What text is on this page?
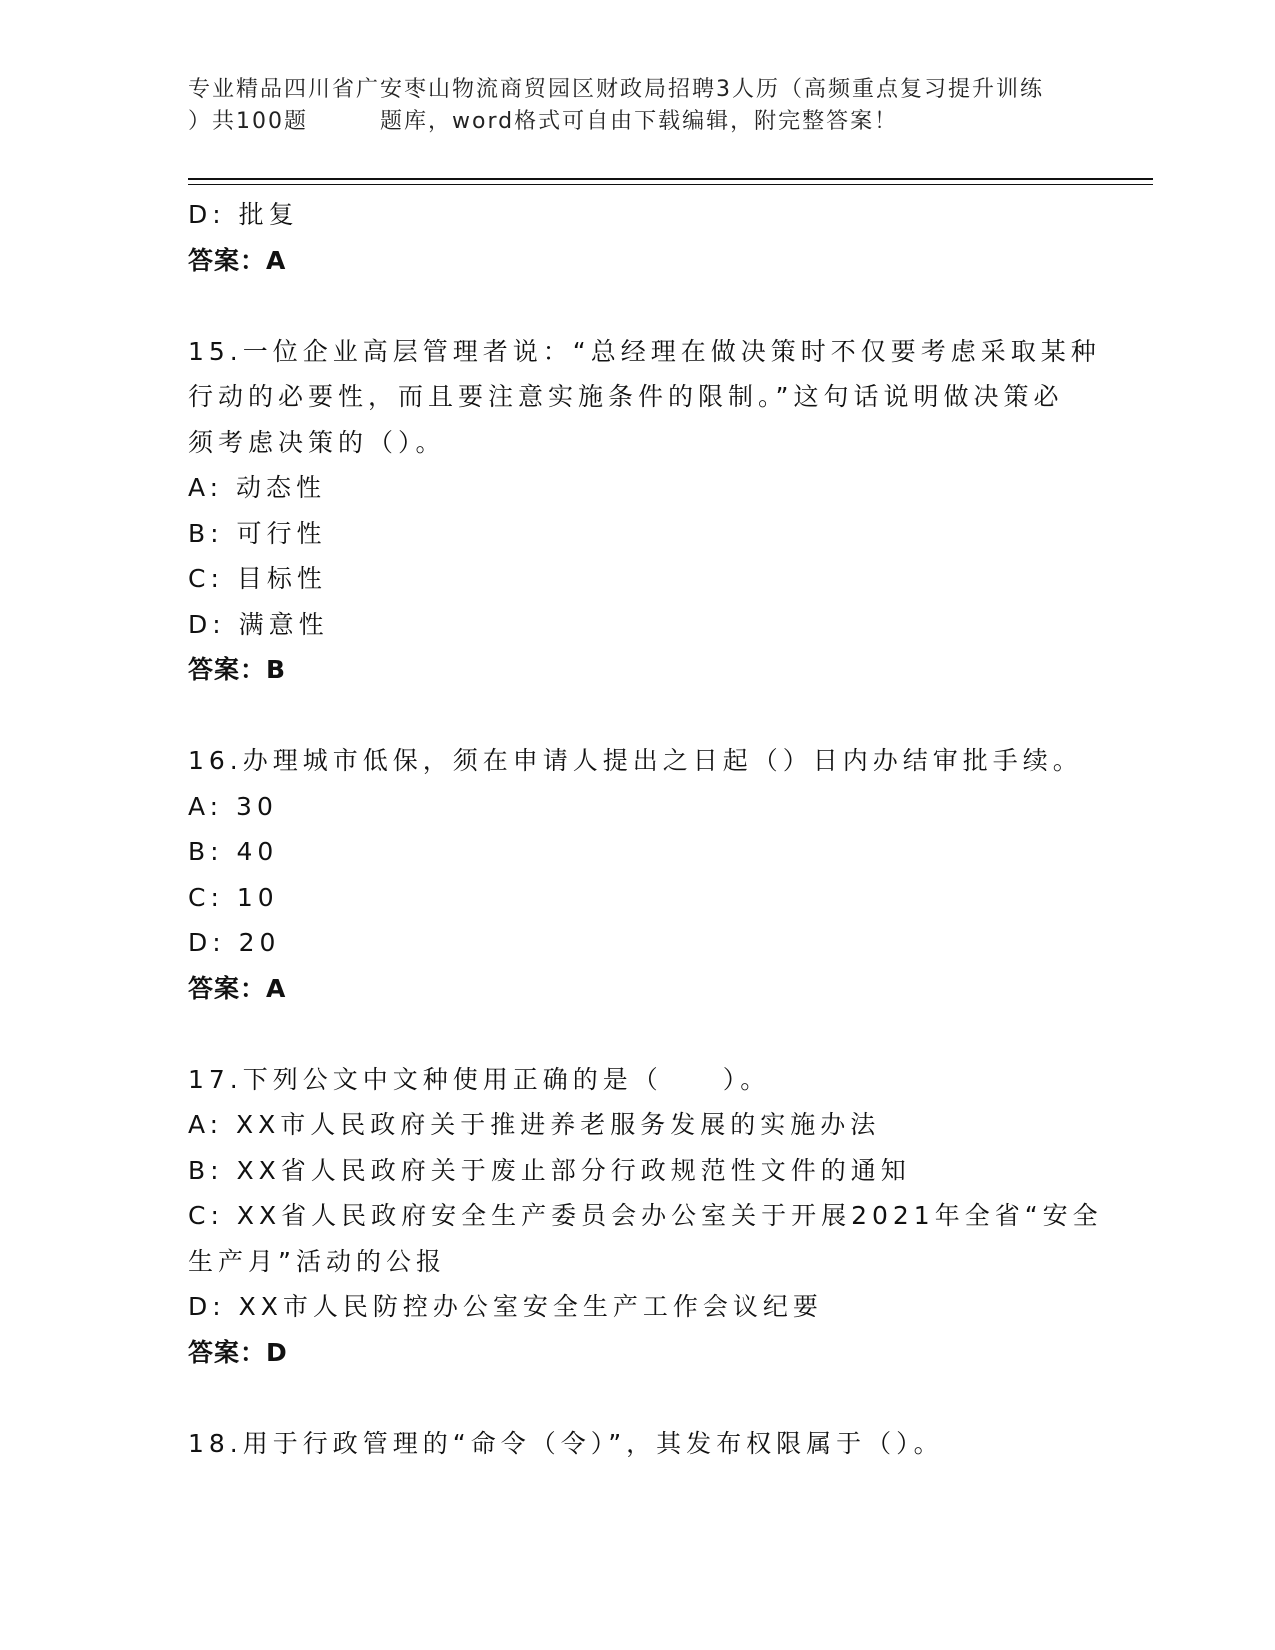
专业精品四川省广安枣山物流商贸园区财政局招聘3人历（高频重点复习提升训练
）共100题	题库，word格式可自由下载编辑，附完整答案！
D: 批复
答案：A
15.一位企业高层管理者说：“总经理在做决策时不仅要考虑采取某种
行动的必要性，而且要注意实施条件的限制。”这句话说明做决策必
须考虑决策的（）。
A: 动态性
B: 可行性
C: 目标性
D: 满意性
答案：B
16.办理城市低保，须在申请人提出之日起（）日内办结审批手续。
A: 30
B: 40
C: 10
D: 20
答案：A
17.下列公文中文种使用正确的是（　　）。
A: XX市人民政府关于推进养老服务发展的实施办法
B: XX省人民政府关于废止部分行政规范性文件的通知
C: XX省人民政府安全生产委员会办公室关于开展2021年全省“安全
生产月”活动的公报
D: XX市人民防控办公室安全生产工作会议纪要
答案：D
18.用于行政管理的“命令（令）”，其发布权限属于（）。
